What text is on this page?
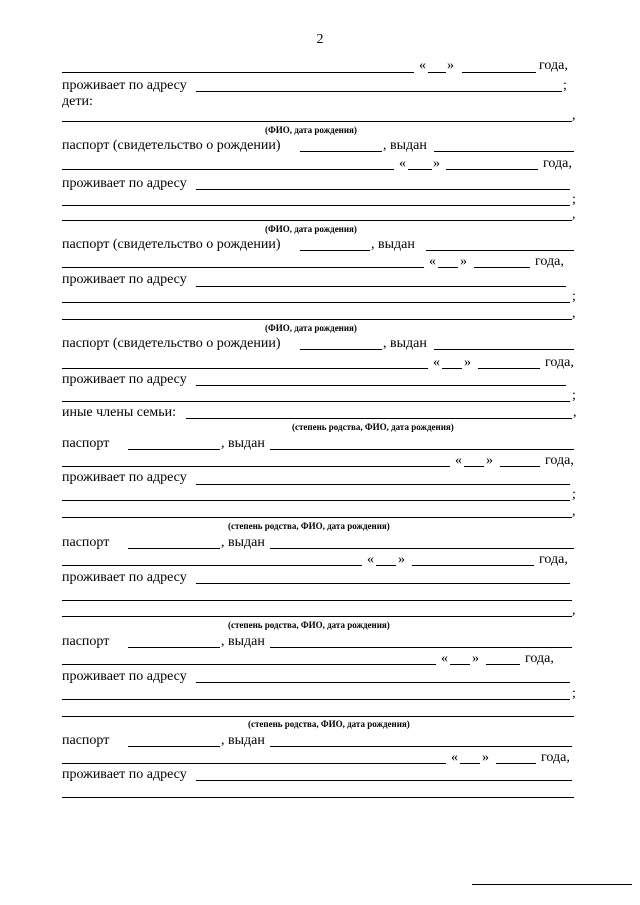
2
« »	года,
проживает по адресу	;
дети:
,
(ФИО, дата рождения)
паспорт (свидетельство о рождении)	, выдан
« »	года,
проживает по адресу
;
,
(ФИО, дата рождения)
паспорт (свидетельство о рождении)	, выдан
« »	года,
проживает по адресу
;
,
(ФИО, дата рождения)
паспорт (свидетельство о рождении)	, выдан
« »	года,
проживает по адресу
;
иные члены семьи:	,
(степень родства, ФИО, дата рождения)
паспорт	, выдан
« »	года,
проживает по адресу
;
,
(степень родства, ФИО, дата рождения)
паспорт	, выдан
« »	года,
проживает по адресу
,
(степень родства, ФИО, дата рождения)
паспорт	, выдан
« »	года,
проживает по адресу
;
(степень родства, ФИО, дата рождения)
паспорт	, выдан
« »	года,
проживает по адресу
